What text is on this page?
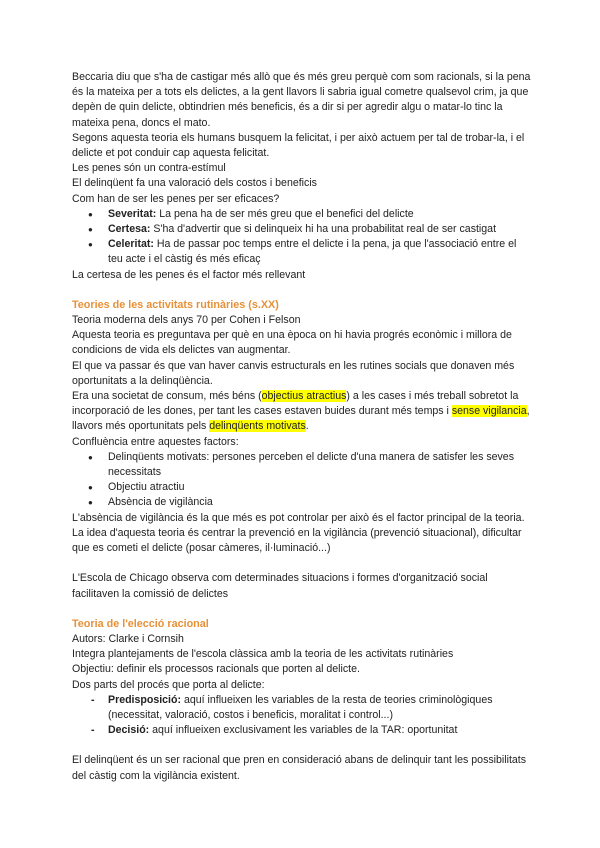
Beccaria diu que s'ha de castigar més allò que és més greu perquè com som racionals, si la pena és la mateixa per a tots els delictes, a la gent llavors li sabria igual cometre qualsevol crim, ja que depèn de quin delicte, obtindrien més beneficis, és a dir si per agredir algu o matar-lo tinc la mateixa pena, doncs el mato.

Segons aquesta teoria els humans busquem la felicitat, i per això actuem per tal de trobar-la, i el delicte et pot conduir cap aquesta felicitat.

Les penes són un contra-estímul

El delinqüent fa una valoració dels costos i beneficis

Com han de ser les penes per ser eficaces?

● Severitat: La pena ha de ser més greu que el benefici del delicte
● Certesa: S'ha d'advertir que si delinqueix hi ha una probabilitat real de ser castigat
● Celeritat: Ha de passar poc temps entre el delicte i la pena, ja que l'associació entre el teu acte i el càstig és més eficaç

La certesa de les penes és el factor més rellevant

Teories de les activitats rutinàries (s.XX)

Teoria moderna dels anys 70 per Cohen i Felson

Aquesta teoria es preguntava per què en una època on hi havia progrés econòmic i millora de condicions de vida els delictes van augmentar.

El que va passar és que van haver canvis estructurals en les rutines socials que donaven més oportunitats a la delinqüència.

Era una societat de consum, més béns (objectius atractius) a les cases i més treball sobretot la incorporació de les dones, per tant les cases estaven buides durant més temps i sense vigilancia, llavors més oportunitats pels delinqüents motivats.

Confluència entre aquestes factors:

● Delinqüents motivats: persones perceben el delicte d'una manera de satisfer les seves necessitats
● Objectiu atractiu
● Absència de vigilància

L'absència de vigilància és la que més es pot controlar per això és el factor principal de la teoria.

La idea d'aquesta teoria és centrar la prevenció en la vigilància (prevenció situacional), dificultar que es cometi el delicte (posar càmeres, il·luminació...)

L'Escola de Chicago observa com determinades situacions i formes d'organització social facilitaven la comissió de delictes

Teoria de l'elecció racional

Autors: Clarke i Cornsih

Integra plantejaments de l'escola clàssica amb la teoria de les activitats rutinàries

Objectiu: definir els processos racionals que porten al delicte.

Dos parts del procés que porta al delicte:

- Predisposició: aquí influeixen les variables de la resta de teories criminològiques (necessitat, valoració, costos i beneficis, moralitat i control...)
- Decisió: aquí influeixen exclusivament les variables de la TAR: oportunitat

El delinqüent és un ser racional que pren en consideració abans de delinquir tant les possibilitats del càstig com la vigilància existent.
